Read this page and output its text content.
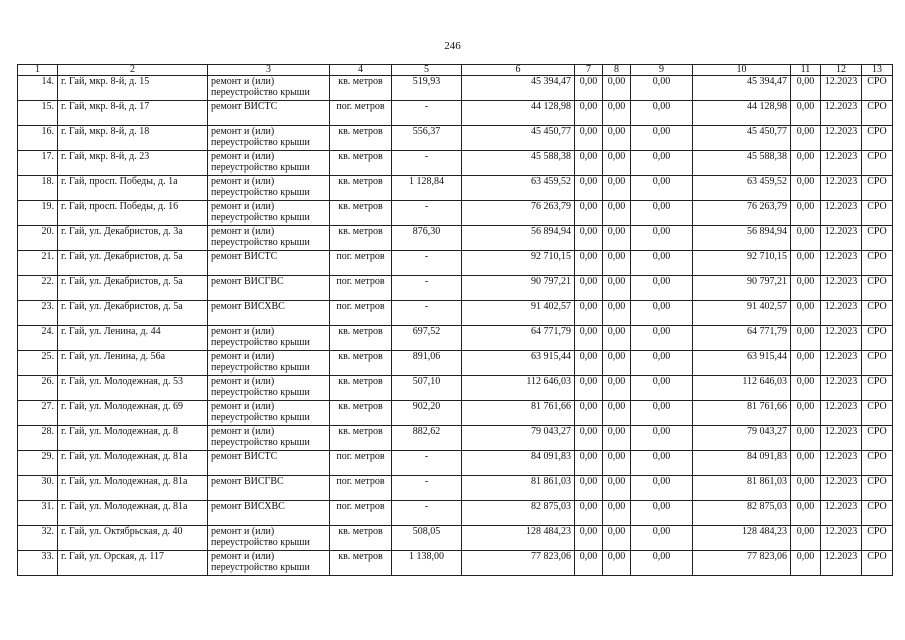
246
1	2	3	4	5	6	7	8	9	10	11	12	13
14.	г. Гай, мкр. 8-й, д. 15	ремонт и (или) переустройство крыши	кв. метров	519,93	45 394,47	0,00	0,00	0,00	45 394,47	0,00	12.2023	СРО
15.	г. Гай, мкр. 8-й, д. 17	ремонт ВИСТС	пог. метров	-	44 128,98	0,00	0,00	0,00	44 128,98	0,00	12.2023	СРО
16.	г. Гай, мкр. 8-й, д. 18	ремонт и (или) переустройство крыши	кв. метров	556,37	45 450,77	0,00	0,00	0,00	45 450,77	0,00	12.2023	СРО
17.	г. Гай, мкр. 8-й, д. 23	ремонт и (или) переустройство крыши	кв. метров	-	45 588,38	0,00	0,00	0,00	45 588,38	0,00	12.2023	СРО
18.	г. Гай, просп. Победы, д. 1а	ремонт и (или) переустройство крыши	кв. метров	1 128,84	63 459,52	0,00	0,00	0,00	63 459,52	0,00	12.2023	СРО
19.	г. Гай, просп. Победы, д. 16	ремонт и (или) переустройство крыши	кв. метров	-	76 263,79	0,00	0,00	0,00	76 263,79	0,00	12.2023	СРО
20.	г. Гай, ул. Декабристов, д. 3а	ремонт и (или) переустройство крыши	кв. метров	876,30	56 894,94	0,00	0,00	0,00	56 894,94	0,00	12.2023	СРО
21.	г. Гай, ул. Декабристов, д. 5а	ремонт ВИСТС	пог. метров	-	92 710,15	0,00	0,00	0,00	92 710,15	0,00	12.2023	СРО
22.	г. Гай, ул. Декабристов, д. 5а	ремонт ВИСГВС	пог. метров	-	90 797,21	0,00	0,00	0,00	90 797,21	0,00	12.2023	СРО
23.	г. Гай, ул. Декабристов, д. 5а	ремонт ВИСХВС	пог. метров	-	91 402,57	0,00	0,00	0,00	91 402,57	0,00	12.2023	СРО
24.	г. Гай, ул. Ленина, д. 44	ремонт и (или) переустройство крыши	кв. метров	697,52	64 771,79	0,00	0,00	0,00	64 771,79	0,00	12.2023	СРО
25.	г. Гай, ул. Ленина, д. 56а	ремонт и (или) переустройство крыши	кв. метров	891,06	63 915,44	0,00	0,00	0,00	63 915,44	0,00	12.2023	СРО
26.	г. Гай, ул. Молодежная, д. 53	ремонт и (или) переустройство крыши	кв. метров	507,10	112 646,03	0,00	0,00	0,00	112 646,03	0,00	12.2023	СРО
27.	г. Гай, ул. Молодежная, д. 69	ремонт и (или) переустройство крыши	кв. метров	902,20	81 761,66	0,00	0,00	0,00	81 761,66	0,00	12.2023	СРО
28.	г. Гай, ул. Молодежная, д. 8	ремонт и (или) переустройство крыши	кв. метров	882,62	79 043,27	0,00	0,00	0,00	79 043,27	0,00	12.2023	СРО
29.	г. Гай, ул. Молодежная, д. 81а	ремонт ВИСТС	пог. метров	-	84 091,83	0,00	0,00	0,00	84 091,83	0,00	12.2023	СРО
30.	г. Гай, ул. Молодежная, д. 81а	ремонт ВИСГВС	пог. метров	-	81 861,03	0,00	0,00	0,00	81 861,03	0,00	12.2023	СРО
31.	г. Гай, ул. Молодежная, д. 81а	ремонт ВИСХВС	пог. метров	-	82 875,03	0,00	0,00	0,00	82 875,03	0,00	12.2023	СРО
32.	г. Гай, ул. Октябрьская, д. 40	ремонт и (или) переустройство крыши	кв. метров	508,05	128 484,23	0,00	0,00	0,00	128 484,23	0,00	12.2023	СРО
33.	г. Гай, ул. Орская, д. 117	ремонт и (или) переустройство крыши	кв. метров	1 138,00	77 823,06	0,00	0,00	0,00	77 823,06	0,00	12.2023	СРО
